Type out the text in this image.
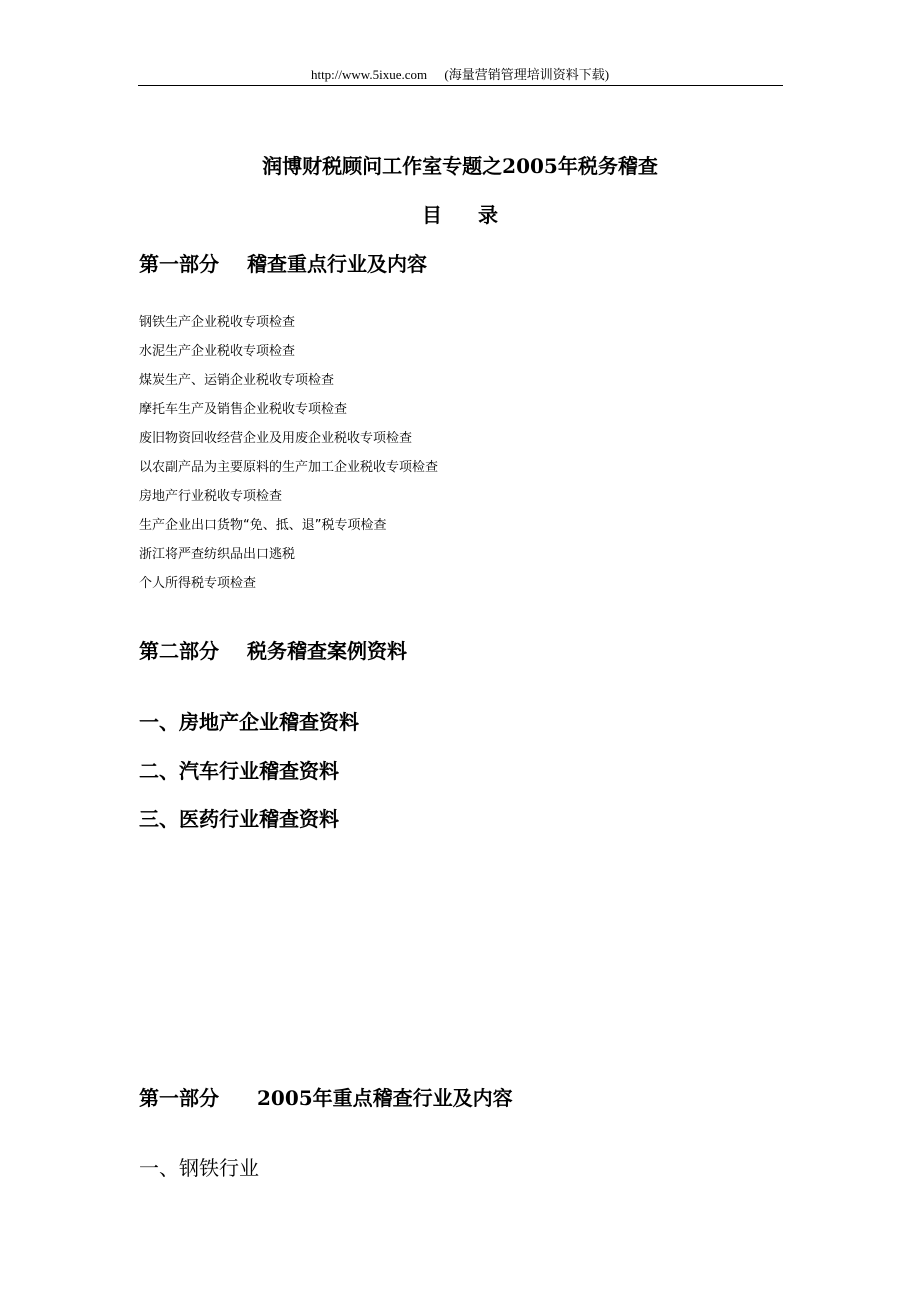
http://www.5ixue.com (海量营销管理培训资料下载)
润博财税顾问工作室专题之2005年税务稽查
目录
第一部分 稽查重点行业及内容
钢铁生产企业税收专项检查
水泥生产企业税收专项检查
煤炭生产、运销企业税收专项检查
摩托车生产及销售企业税收专项检查
废旧物资回收经营企业及用废企业税收专项检查
以农副产品为主要原料的生产加工企业税收专项检查
房地产行业税收专项检查
生产企业出口货物“免、抵、退”税专项检查
浙江将严查纺织品出口逃税
个人所得税专项检查
第二部分 税务稽查案例资料
一、房地产企业稽查资料
二、汽车行业稽查资料
三、医药行业稽查资料
第一部分 2005年重点稽查行业及内容
一、钢铁行业
